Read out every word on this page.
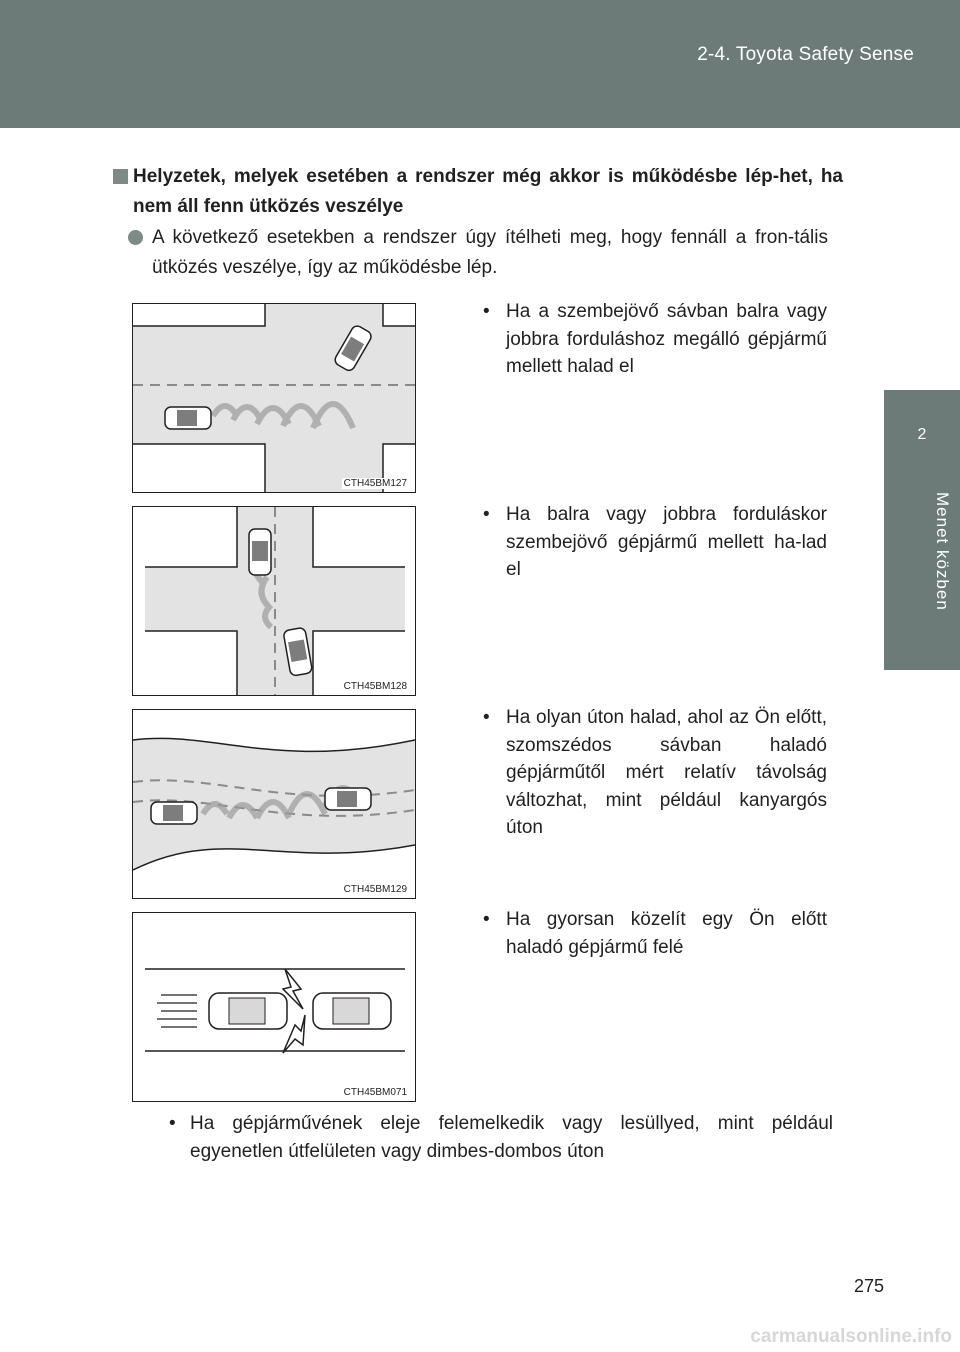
2-4. Toyota Safety Sense
2
Menet közben
Helyzetek, melyek esetében a rendszer még akkor is működésbe lép-het, ha nem áll fenn ütközés veszélye
A következő esetekben a rendszer úgy ítélheti meg, hogy fennáll a fron-tális ütközés veszélye, így az működésbe lép.
CTH45BM127
CTH45BM128
CTH45BM129
CTH45BM071
• Ha a szembejövő sávban balra vagy jobbra forduláshoz megálló gépjármű mellett halad el
• Ha balra vagy jobbra forduláskor szembejövő gépjármű mellett ha-lad el
• Ha olyan úton halad, ahol az Ön előtt, szomszédos sávban haladó gépjárműtől mért relatív távolság változhat, mint például kanyargós úton
• Ha gyorsan közelít egy Ön előtt haladó gépjármű felé
• Ha gépjárművének eleje felemelkedik vagy lesüllyed, mint például egyenetlen útfelületen vagy dimbes-dombos úton
275
carmanualsonline.info
